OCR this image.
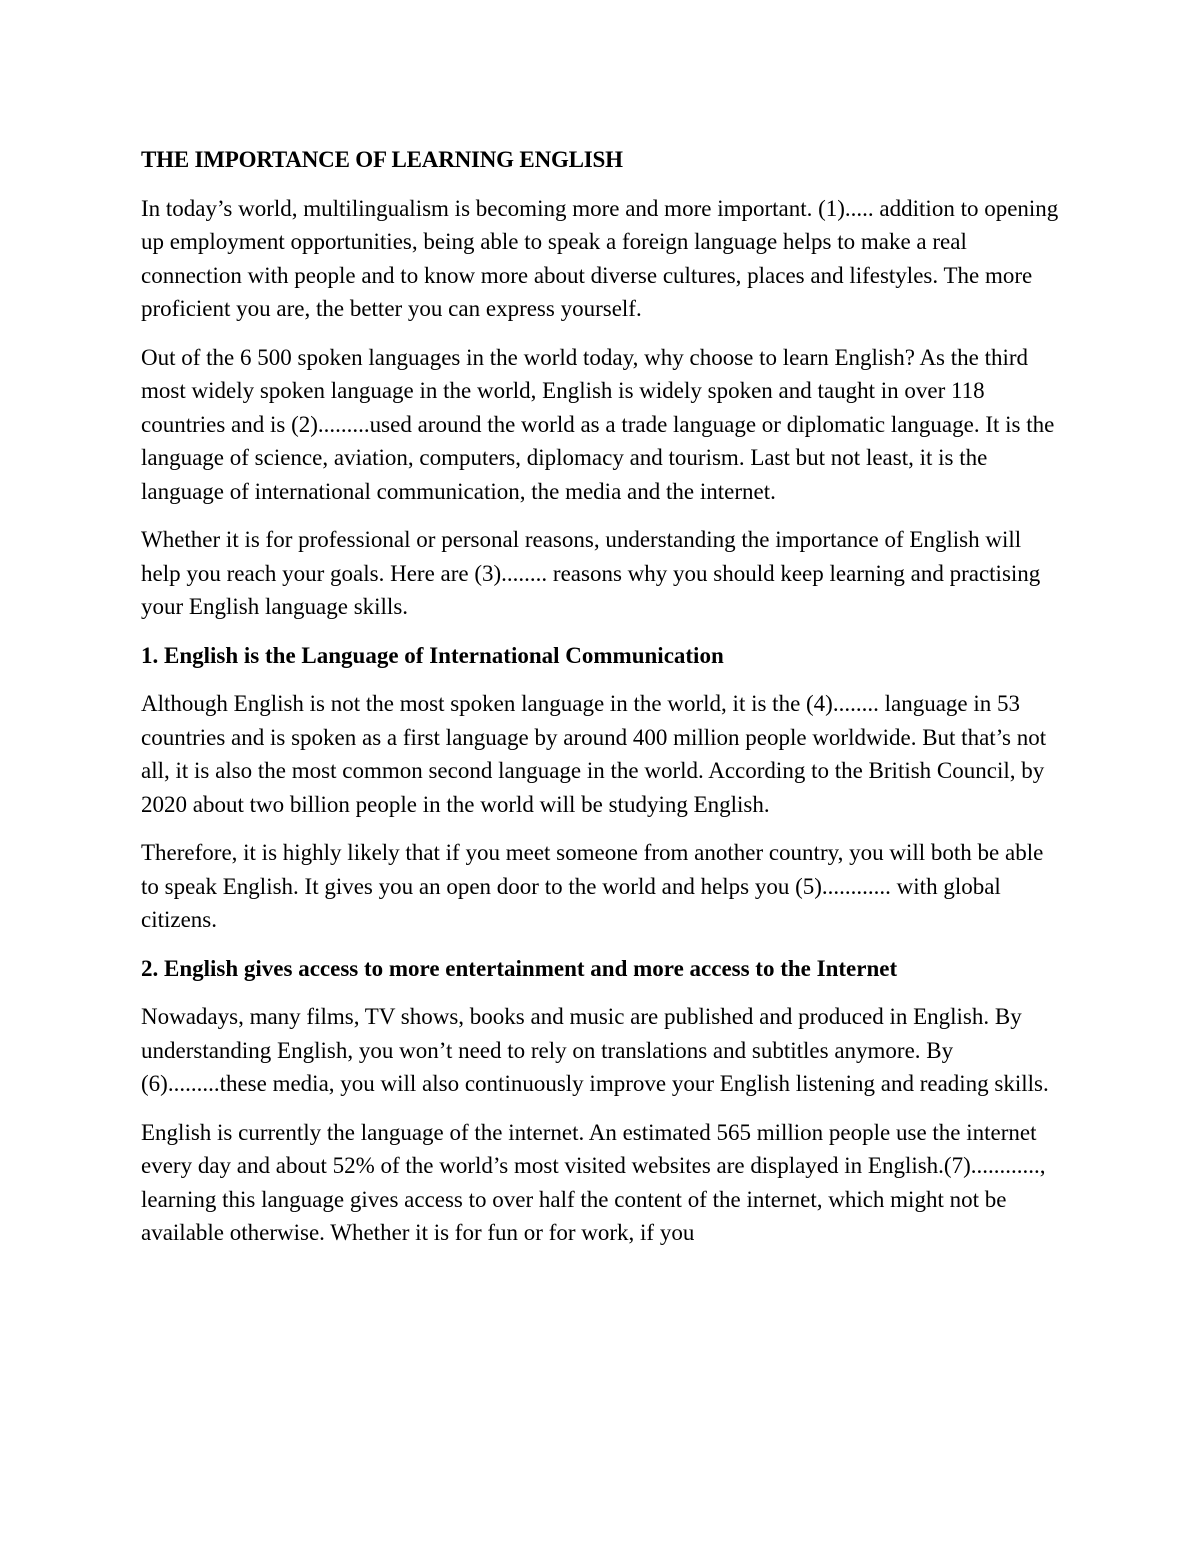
THE IMPORTANCE OF LEARNING ENGLISH

In today’s world, multilingualism is becoming more and more important. (1)..... addition to opening up employment opportunities, being able to speak a foreign language helps to make a real connection with people and to know more about diverse cultures, places and lifestyles. The more proficient you are, the better you can express yourself.

Out of the 6 500 spoken languages in the world today, why choose to learn English? As the third most widely spoken language in the world, English is widely spoken and taught in over 118 countries and is (2).........used around the world as a trade language or diplomatic language. It is the language of science, aviation, computers, diplomacy and tourism. Last but not least, it is the language of international communication, the media and the internet.

Whether it is for professional or personal reasons, understanding the importance of English will help you reach your goals. Here are (3)........ reasons why you should keep learning and practising your English language skills.

1. English is the Language of International Communication

Although English is not the most spoken language in the world, it is the (4)........ language in 53 countries and is spoken as a first language by around 400 million people worldwide. But that’s not all, it is also the most common second language in the world. According to the British Council, by 2020 about two billion people in the world will be studying English.

Therefore, it is highly likely that if you meet someone from another country, you will both be able to speak English. It gives you an open door to the world and helps you (5)............ with global citizens.

2. English gives access to more entertainment and more access to the Internet

Nowadays, many films, TV shows, books and music are published and produced in English. By understanding English, you won’t need to rely on translations and subtitles anymore. By (6).........these media, you will also continuously improve your English listening and reading skills.

English is currently the language of the internet. An estimated 565 million people use the internet every day and about 52% of the world’s most visited websites are displayed in English.(7)............, learning this language gives access to over half the content of the internet, which might not be available otherwise. Whether it is for fun or for work, if you
